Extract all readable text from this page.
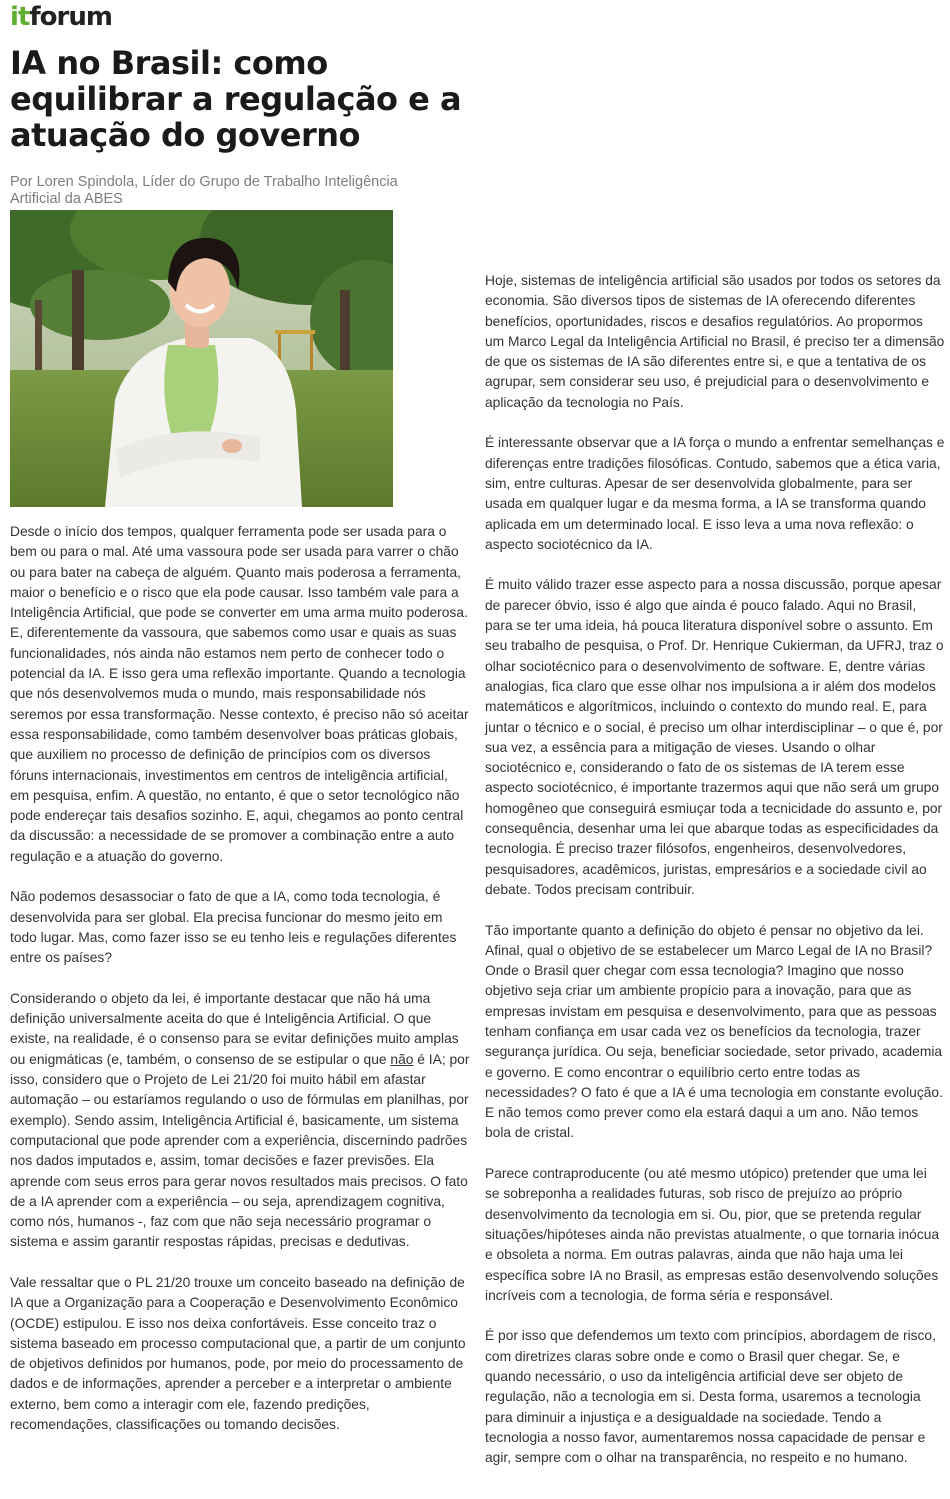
itforum
IA no Brasil: como equilibrar a regulação e a atuação do governo

Por Loren Spindola, Líder do Grupo de Trabalho Inteligência Artificial da ABES

Desde o início dos tempos, qualquer ferramenta pode ser usada para o bem ou para o mal. Até uma vassoura pode ser usada para varrer o chão ou para bater na cabeça de alguém. Quanto mais poderosa a ferramenta, maior o benefício e o risco que ela pode causar. Isso também vale para a Inteligência Artificial, que pode se converter em uma arma muito poderosa. E, diferentemente da vassoura, que sabemos como usar e quais as suas funcionalidades, nós ainda não estamos nem perto de conhecer todo o potencial da IA. E isso gera uma reflexão importante. Quando a tecnologia que nós desenvolvemos muda o mundo, mais responsabilidade nós seremos por essa transformação. Nesse contexto, é preciso não só aceitar essa responsabilidade, como também desenvolver boas práticas globais, que auxiliem no processo de definição de princípios com os diversos fóruns internacionais, investimentos em centros de inteligência artificial, em pesquisa, enfim. A questão, no entanto, é que o setor tecnológico não pode endereçar tais desafios sozinho. E, aqui, chegamos ao ponto central da discussão: a necessidade de se promover a combinação entre a auto regulação e a atuação do governo.

Não podemos desassociar o fato de que a IA, como toda tecnologia, é desenvolvida para ser global. Ela precisa funcionar do mesmo jeito em todo lugar. Mas, como fazer isso se eu tenho leis e regulações diferentes entre os países?

Considerando o objeto da lei, é importante destacar que não há uma definição universalmente aceita do que é Inteligência Artificial. O que existe, na realidade, é o consenso para se evitar definições muito amplas ou enigmáticas (e, também, o consenso de se estipular o que não é IA; por isso, considero que o Projeto de Lei 21/20 foi muito hábil em afastar automação – ou estaríamos regulando o uso de fórmulas em planilhas, por exemplo). Sendo assim, Inteligência Artificial é, basicamente, um sistema computacional que pode aprender com a experiência, discernindo padrões nos dados imputados e, assim, tomar decisões e fazer previsões. Ela aprende com seus erros para gerar novos resultados mais precisos. O fato de a IA aprender com a experiência – ou seja, aprendizagem cognitiva, como nós, humanos -, faz com que não seja necessário programar o sistema e assim garantir respostas rápidas, precisas e dedutivas.

Vale ressaltar que o PL 21/20 trouxe um conceito baseado na definição de IA que a Organização para a Cooperação e Desenvolvimento Econômico (OCDE) estipulou. E isso nos deixa confortáveis. Esse conceito traz o sistema baseado em processo computacional que, a partir de um conjunto de objetivos definidos por humanos, pode, por meio do processamento de dados e de informações, aprender a perceber e a interpretar o ambiente externo, bem como a interagir com ele, fazendo predições, recomendações, classificações ou tomando decisões.

Hoje, sistemas de inteligência artificial são usados por todos os setores da economia. São diversos tipos de sistemas de IA oferecendo diferentes benefícios, oportunidades, riscos e desafios regulatórios. Ao propormos um Marco Legal da Inteligência Artificial no Brasil, é preciso ter a dimensão de que os sistemas de IA são diferentes entre si, e que a tentativa de os agrupar, sem considerar seu uso, é prejudicial para o desenvolvimento e aplicação da tecnologia no País.

É interessante observar que a IA força o mundo a enfrentar semelhanças e diferenças entre tradições filosóficas. Contudo, sabemos que a ética varia, sim, entre culturas. Apesar de ser desenvolvida globalmente, para ser usada em qualquer lugar e da mesma forma, a IA se transforma quando aplicada em um determinado local. E isso leva a uma nova reflexão: o aspecto sociotécnico da IA.

É muito válido trazer esse aspecto para a nossa discussão, porque apesar de parecer óbvio, isso é algo que ainda é pouco falado. Aqui no Brasil, para se ter uma ideia, há pouca literatura disponível sobre o assunto. Em seu trabalho de pesquisa, o Prof. Dr. Henrique Cukierman, da UFRJ, traz o olhar sociotécnico para o desenvolvimento de software. E, dentre várias analogias, fica claro que esse olhar nos impulsiona a ir além dos modelos matemáticos e algorítmicos, incluindo o contexto do mundo real. E, para juntar o técnico e o social, é preciso um olhar interdisciplinar – o que é, por sua vez, a essência para a mitigação de vieses. Usando o olhar sociotécnico e, considerando o fato de os sistemas de IA terem esse aspecto sociotécnico, é importante trazermos aqui que não será um grupo homogêneo que conseguirá esmiuçar toda a tecnicidade do assunto e, por consequência, desenhar uma lei que abarque todas as especificidades da tecnologia. É preciso trazer filósofos, engenheiros, desenvolvedores, pesquisadores, acadêmicos, juristas, empresários e a sociedade civil ao debate. Todos precisam contribuir.

Tão importante quanto a definição do objeto é pensar no objetivo da lei. Afinal, qual o objetivo de se estabelecer um Marco Legal de IA no Brasil? Onde o Brasil quer chegar com essa tecnologia? Imagino que nosso objetivo seja criar um ambiente propício para a inovação, para que as empresas invistam em pesquisa e desenvolvimento, para que as pessoas tenham confiança em usar cada vez os benefícios da tecnologia, trazer segurança jurídica. Ou seja, beneficiar sociedade, setor privado, academia e governo. E como encontrar o equilíbrio certo entre todas as necessidades? O fato é que a IA é uma tecnologia em constante evolução. E não temos como prever como ela estará daqui a um ano. Não temos bola de cristal.

Parece contraproducente (ou até mesmo utópico) pretender que uma lei se sobreponha a realidades futuras, sob risco de prejuízo ao próprio desenvolvimento da tecnologia em si. Ou, pior, que se pretenda regular situações/hipóteses ainda não previstas atualmente, o que tornaria inócua e obsoleta a norma. Em outras palavras, ainda que não haja uma lei específica sobre IA no Brasil, as empresas estão desenvolvendo soluções incríveis com a tecnologia, de forma séria e responsável.

É por isso que defendemos um texto com princípios, abordagem de risco, com diretrizes claras sobre onde e como o Brasil quer chegar. Se, e quando necessário, o uso da inteligência artificial deve ser objeto de regulação, não a tecnologia em si. Desta forma, usaremos a tecnologia para diminuir a injustiça e a desigualdade na sociedade. Tendo a tecnologia a nosso favor, aumentaremos nossa capacidade de pensar e agir, sempre com o olhar na transparência, no respeito e no humano.
